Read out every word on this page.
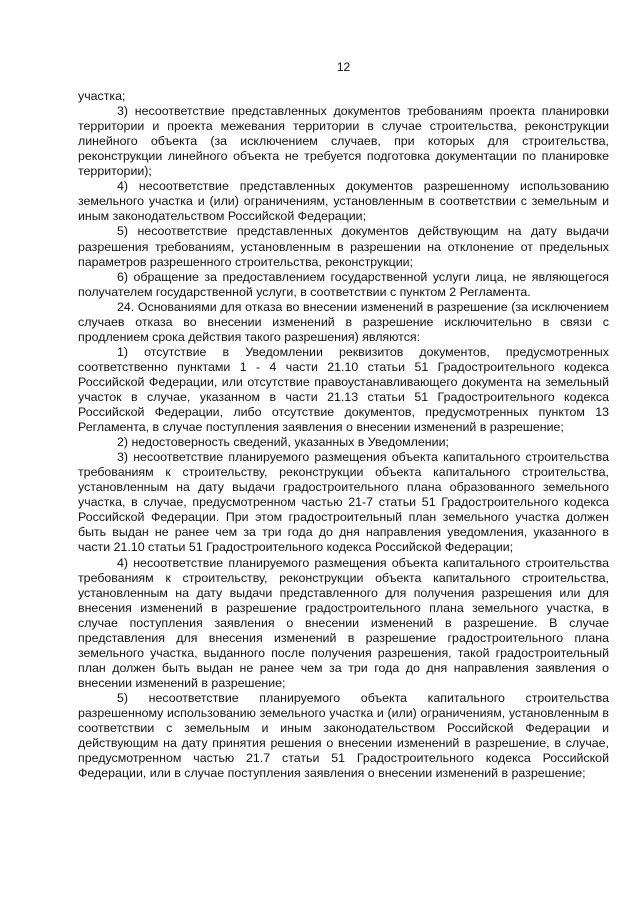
12

участка;

3) несоответствие представленных документов требованиям проекта планировки территории и проекта межевания территории в случае строительства, реконструкции линейного объекта (за исключением случаев, при которых для строительства, реконструкции линейного объекта не требуется подготовка документации по планировке территории);

4) несоответствие представленных документов разрешенному использованию земельного участка и (или) ограничениям, установленным в соответствии с земельным и иным законодательством Российской Федерации;

5) несоответствие представленных документов действующим на дату выдачи разрешения требованиям, установленным в разрешении на отклонение от предельных параметров разрешенного строительства, реконструкции;

6) обращение за предоставлением государственной услуги лица, не являющегося получателем государственной услуги, в соответствии с пунктом 2 Регламента.

24. Основаниями для отказа во внесении изменений в разрешение (за исключением случаев отказа во внесении изменений в разрешение исключительно в связи с продлением срока действия такого разрешения) являются:

1) отсутствие в Уведомлении реквизитов документов, предусмотренных соответственно пунктами 1 - 4 части 21.10 статьи 51 Градостроительного кодекса Российской Федерации, или отсутствие правоустанавливающего документа на земельный участок в случае, указанном в части 21.13 статьи 51 Градостроительного кодекса Российской Федерации, либо отсутствие документов, предусмотренных пунктом 13 Регламента, в случае поступления заявления о внесении изменений в разрешение;

2) недостоверность сведений, указанных в Уведомлении;

3) несоответствие планируемого размещения объекта капитального строительства требованиям к строительству, реконструкции объекта капитального строительства, установленным на дату выдачи градостроительного плана образованного земельного участка, в случае, предусмотренном частью 21-7 статьи 51 Градостроительного кодекса Российской Федерации. При этом градостроительный план земельного участка должен быть выдан не ранее чем за три года до дня направления уведомления, указанного в части 21.10 статьи 51 Градостроительного кодекса Российской Федерации;

4) несоответствие планируемого размещения объекта капитального строительства требованиям к строительству, реконструкции объекта капитального строительства, установленным на дату выдачи представленного для получения разрешения или для внесения изменений в разрешение градостроительного плана земельного участка, в случае поступления заявления о внесении изменений в разрешение. В случае представления для внесения изменений в разрешение градостроительного плана земельного участка, выданного после получения разрешения, такой градостроительный план должен быть выдан не ранее чем за три года до дня направления заявления о внесении изменений в разрешение;

5) несоответствие планируемого объекта капитального строительства разрешенному использованию земельного участка и (или) ограничениям, установленным в соответствии с земельным и иным законодательством Российской Федерации и действующим на дату принятия решения о внесении изменений в разрешение, в случае, предусмотренном частью 21.7 статьи 51 Градостроительного кодекса Российской Федерации, или в случае поступления заявления о внесении изменений в разрешение;
